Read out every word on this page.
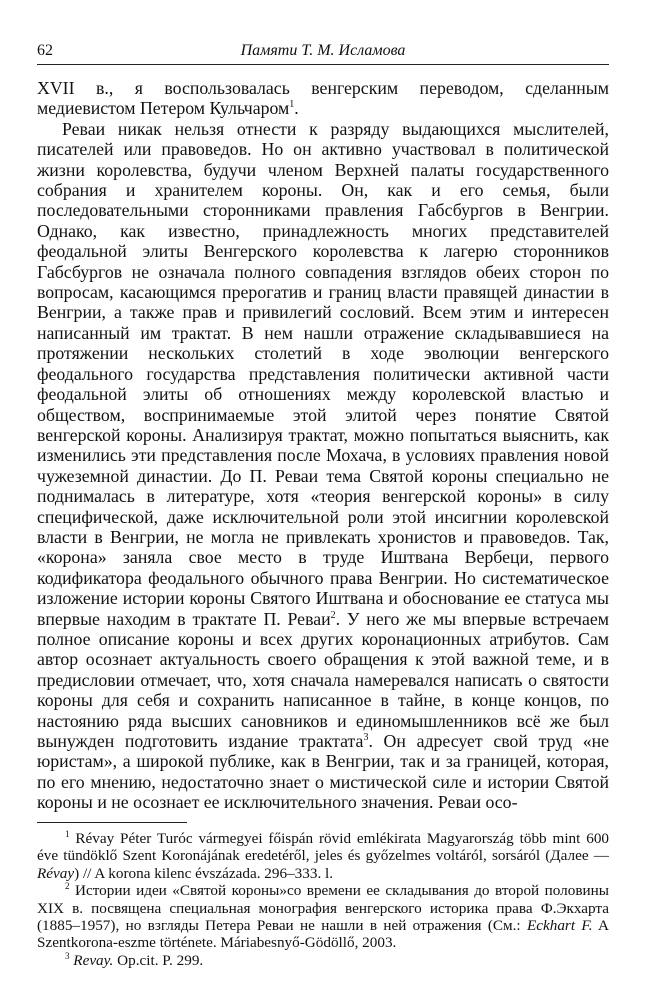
62	Памяти Т. М. Исламова

XVII в., я воспользовалась венгерским переводом, сделанным медиевистом Петером Кульчаром$^1$.

Реваи никак нельзя отнести к разряду выдающихся мыслителей, писателей или правоведов. Но он активно участвовал в политической жизни королевства, будучи членом Верхней палаты государственного собрания и хранителем короны. Он, как и его семья, были последовательными сторонниками правления Габсбургов в Венгрии. Однако, как известно, принадлежность многих представителей феодальной элиты Венгерского королевства к лагерю сторонников Габсбургов не означала полного совпадения взглядов обеих сторон по вопросам, касающимся прерогатив и границ власти правящей династии в Венгрии, а также прав и привилегий сословий. Всем этим и интересен написанный им трактат. В нем нашли отражение складывавшиеся на протяжении нескольких столетий в ходе эволюции венгерского феодального государства представления политически активной части феодальной элиты об отношениях между королевской властью и обществом, воспринимаемые этой элитой через понятие Святой венгерской короны. Анализируя трактат, можно попытаться выяснить, как изменились эти представления после Мохача, в условиях правления новой чужеземной династии. До П. Реваи тема Святой короны специально не поднималась в литературе, хотя «теория венгерской короны» в силу специфической, даже исключительной роли этой инсигнии королевской власти в Венгрии, не могла не привлекать хронистов и правоведов. Так, «корона» заняла свое место в труде Иштвана Вербеци, первого кодификатора феодального обычного права Венгрии. Но систематическое изложение истории короны Святого Иштвана и обоснование ее статуса мы впервые находим в трактате П. Реваи$^2$. У него же мы впервые встречаем полное описание короны и всех других коронационных атрибутов. Сам автор осознает актуальность своего обращения к этой важной теме, и в предисловии отмечает, что, хотя сначала намеревался написать о святости короны для себя и сохранить написанное в тайне, в конце концов, по настоянию ряда высших сановников и единомышленников всё же был вынужден подготовить издание трактата$^3$. Он адресует свой труд «не юристам», а широкой публике, как в Венгрии, так и за границей, которая, по его мнению, недостаточно знает о мистической силе и истории Святой короны и не осознает ее исключительного значения. Реваи осо-

$^1$ Révay Péter Turóc vármegyei főispán rövid emlékirata Magyarország több mint 600 éve tündöklő Szent Koronájának eredetéről, jeles és győzelmes voltáról, sorsáról (Далее — Révay) // A korona kilenc évszázada. 296–333. l.

$^2$ Истории идеи «Святой короны»со времени ее складывания до второй половины XIX в. посвящена специальная монография венгерского историка права Ф.Экхарта (1885–1957), но взгляды Петера Реваи не нашли в ней отражения (См.: Eckhart F. A Szentkorona-eszme története. Máriabesnyő-Gödöllő, 2003.

$^3$ Revay. Op.cit. P. 299.
